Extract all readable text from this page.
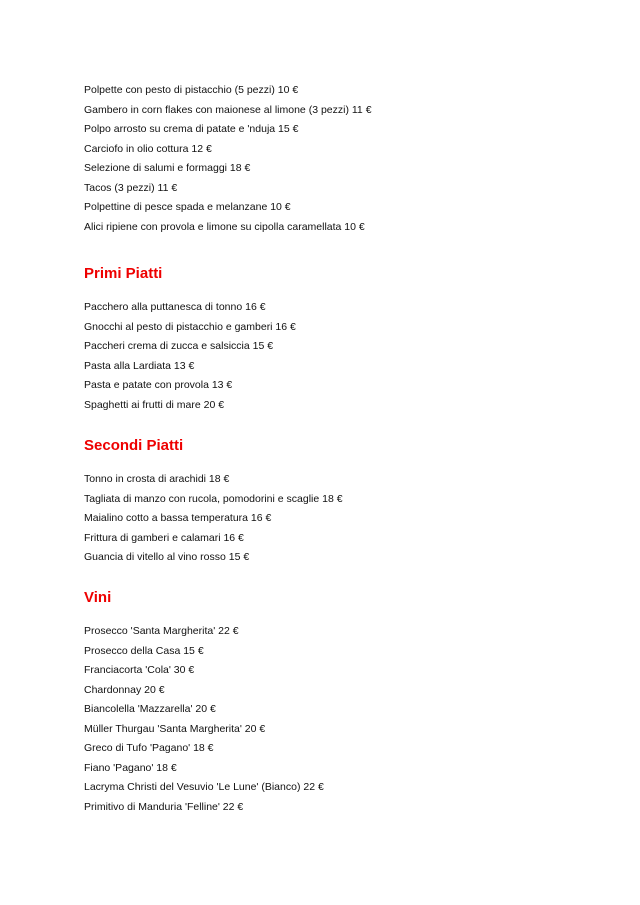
Polpette con pesto di pistacchio (5 pezzi) 10 €
Gambero in corn flakes con maionese al limone (3 pezzi) 11 €
Polpo arrosto su crema di patate e 'nduja 15 €
Carciofo in olio cottura 12 €
Selezione di salumi e formaggi 18 €
Tacos (3 pezzi) 11 €
Polpettine di pesce spada e melanzane 10 €
Alici ripiene con provola e limone su cipolla caramellata 10 €
Primi Piatti
Pacchero alla puttanesca di tonno 16 €
Gnocchi al pesto di pistacchio e gamberi 16 €
Paccheri crema di zucca e salsiccia 15 €
Pasta alla Lardiata 13 €
Pasta e patate con provola 13 €
Spaghetti ai frutti di mare 20 €
Secondi Piatti
Tonno in crosta di arachidi 18 €
Tagliata di manzo con rucola, pomodorini e scaglie 18 €
Maialino cotto a bassa temperatura 16 €
Frittura di gamberi e calamari 16 €
Guancia di vitello al vino rosso 15 €
Vini
Prosecco 'Santa Margherita' 22 €
Prosecco della Casa 15 €
Franciacorta 'Cola' 30 €
Chardonnay 20 €
Biancolella 'Mazzarella' 20 €
Müller Thurgau 'Santa Margherita' 20 €
Greco di Tufo 'Pagano' 18 €
Fiano 'Pagano' 18 €
Lacryma Christi del Vesuvio 'Le Lune' (Bianco) 22 €
Primitivo di Manduria 'Felline' 22 €
